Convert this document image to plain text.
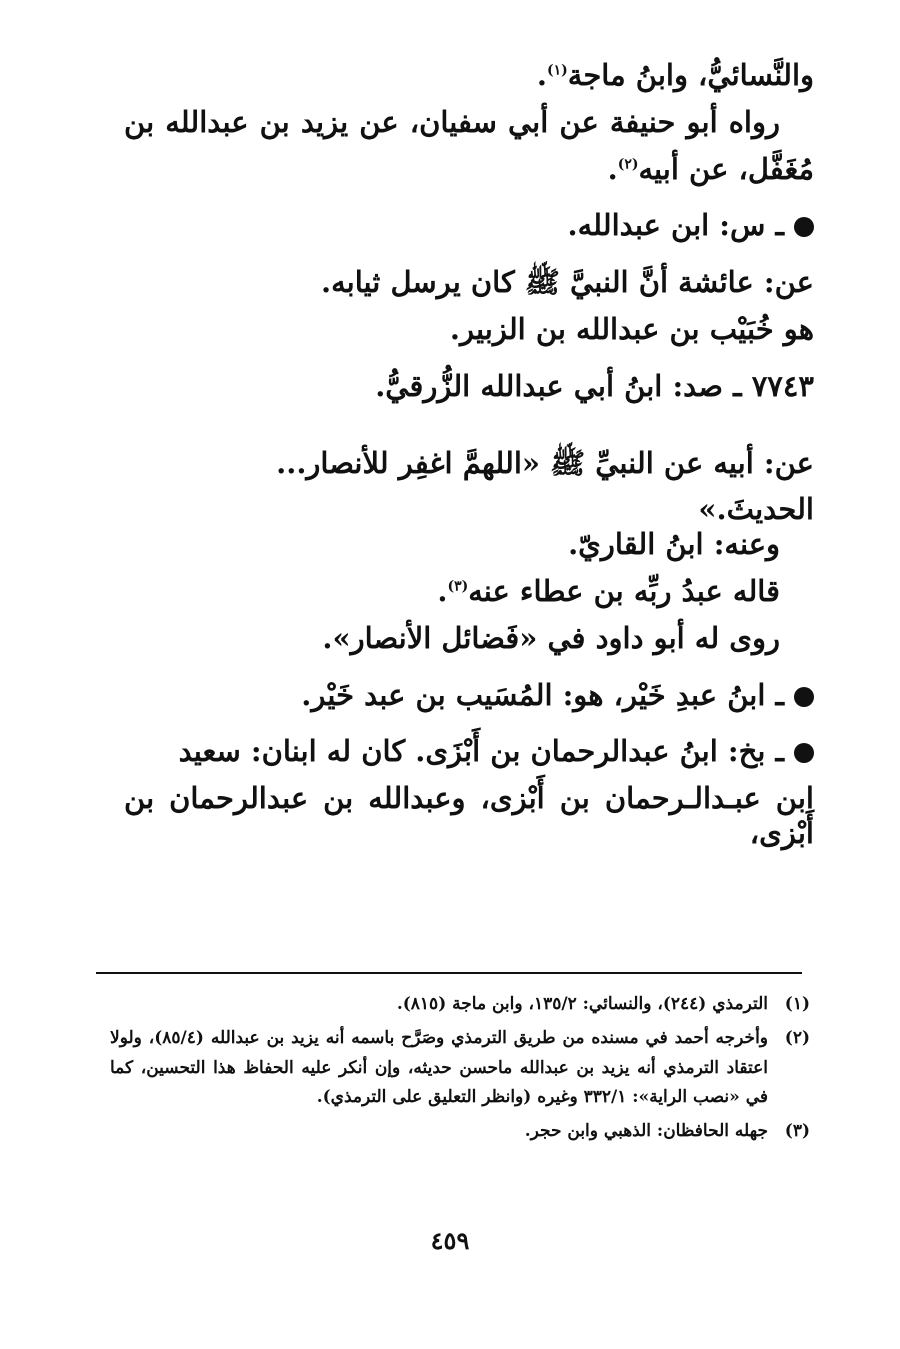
والنَّسائيُّ، وابنُ ماجة$^{(١)}$.

رواه أبو حنيفة عن أبي سفيان، عن يزيد بن عبدالله بن

مُغَفَّل، عن أبيه$^{(٢)}$.

ـ س: ابن عبدالله.

عن: عائشة أنَّ النبيَّ ﷺ كان يرسل ثيابه.

هو خُبَيْب بن عبدالله بن الزبير.

٧٧٤٣ ـ صد: ابنُ أبي عبدالله الزُّرقيُّ.

عن: أبيه عن النبيِّ ﷺ «اللهمَّ اغفِر للأنصار...

الحديثَ.»

وعنه: ابنُ القاريّ.

قاله عبدُ ربِّه بن عطاء عنه$^{(٣)}$.

روى له أبو داود في «فَضائل الأنصار».

ـ ابنُ عبدِ خَيْر، هو: المُسَيب بن عبد خَيْر.

ـ بخ: ابنُ عبدالرحمان بن أَبْزَى. كان له ابنان: سعيد

ابن عبـدالـرحمان بن أَبْزى، وعبدالله بن عبدالرحمان بن أَبْزى،

(١)
الترمذي (٢٤٤)، والنسائي: ١٣٥/٢، وابن ماجة (٨١٥).
(٢)
وأخرجه أحمد في مسنده من طريق الترمذي وصَرَّح باسمه أنه يزيد بن عبدالله (٨٥/٤)، ولولا اعتقاد الترمذي أنه يزيد بن عبدالله ماحسن حديثه، وإن أنكر عليه الحفاظ هذا التحسين، كما في «نصب الراية»: ٣٣٢/١ وغيره (وانظر التعليق على الترمذي).
(٣)
جهله الحافظان: الذهبي وابن حجر.
٤٥٩
